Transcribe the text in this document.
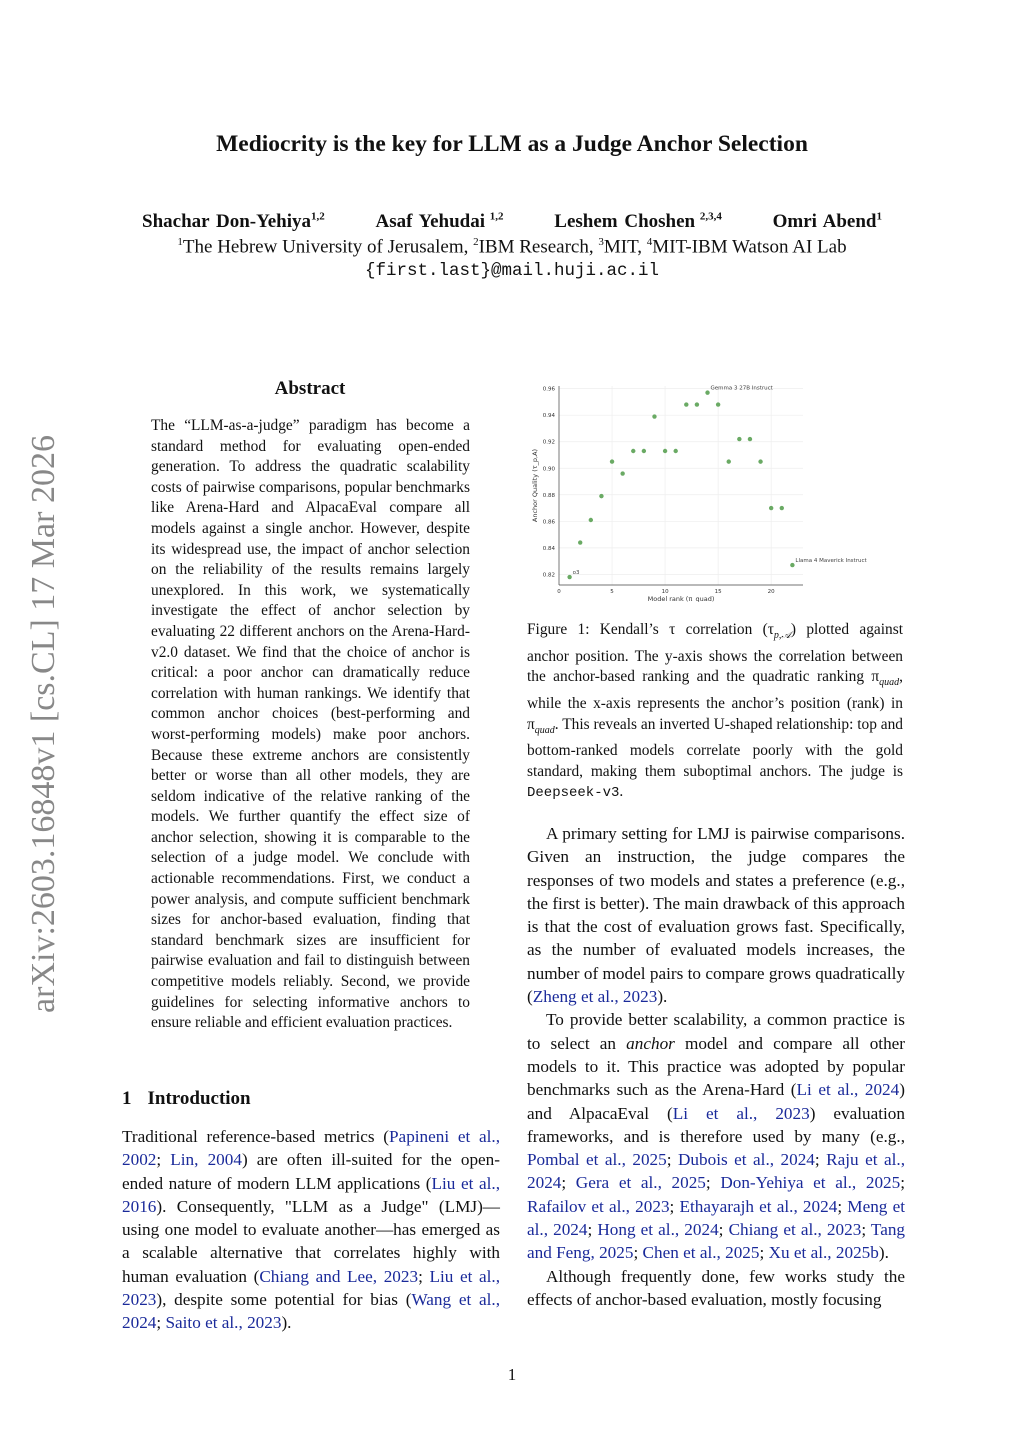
arXiv:2603.16848v1 [cs.CL] 17 Mar 2026
Mediocrity is the key for LLM as a Judge Anchor Selection
Shachar Don-Yehiya$^{1,2}$	Asaf Yehudai $^{1,2}$	Leshem Choshen $^{2,3,4}$	Omri Abend$^1$
$^1$The Hebrew University of Jerusalem, $^2$IBM Research, $^3$MIT, $^4$MIT-IBM Watson AI Lab
{first.last}@mail.huji.ac.il
Abstract
The “LLM-as-a-judge” paradigm has become a standard method for evaluating open-ended generation. To address the quadratic scalability costs of pairwise comparisons, popular benchmarks like Arena-Hard and AlpacaEval compare all models against a single anchor. However, despite its widespread use, the impact of anchor selection on the reliability of the results remains largely unexplored. In this work, we systematically investigate the effect of anchor selection by evaluating 22 different anchors on the Arena-Hard-v2.0 dataset. We find that the choice of anchor is critical: a poor anchor can dramatically reduce correlation with human rankings. We identify that common anchor choices (best-performing and worst-performing models) make poor anchors. Because these extreme anchors are consistently better or worse than all other models, they are seldom indicative of the relative ranking of the models. We further quantify the effect size of anchor selection, showing it is comparable to the selection of a judge model. We conclude with actionable recommendations. First, we conduct a power analysis, and compute sufficient benchmark sizes for anchor-based evaluation, finding that standard benchmark sizes are insufficient for pairwise evaluation and fail to distinguish between competitive models reliably. Second, we provide guidelines for selecting informative anchors to ensure reliable and efficient evaluation practices.
1 Introduction

Traditional reference-based metrics (Papineni et al., 2002; Lin, 2004) are often ill-suited for the open-ended nature of modern LLM applications (Liu et al., 2016). Consequently, "LLM as a Judge" (LMJ)—using one model to evaluate another—has emerged as a scalable alternative that correlates highly with human evaluation (Chiang and Lee, 2023; Liu et al., 2023), despite some potential for bias (Wang et al., 2024; Saito et al., 2023).

A primary setting for LMJ is pairwise comparisons. Given an instruction, the judge compares the responses of two models and states a preference (e.g., the first is better). The main drawback of this approach is that the cost of evaluation grows fast. Specifically, as the number of evaluated models increases, the number of model pairs to compare grows quadratically (Zheng et al., 2023).

To provide better scalability, a common practice is to select an anchor model and compare all other models to it. This practice was adopted by popular benchmarks such as the Arena-Hard (Li et al., 2024) and AlpacaEval (Li et al., 2023) evaluation frameworks, and is therefore used by many (e.g., Pombal et al., 2025; Dubois et al., 2024; Raju et al., 2024; Gera et al., 2025; Don-Yehiya et al., 2025; Rafailov et al., 2023; Ethayarajh et al., 2024; Meng et al., 2024; Hong et al., 2024; Chiang et al., 2023; Tang and Feng, 2025; Chen et al., 2025; Xu et al., 2025b).

Although frequently done, few works study the effects of anchor-based evaluation, mostly focusing

0.82
0.84
0.86
0.88
0.90
0.92
0.94
0.96
0	5	10	15	20
Model rank (π_quad)
Anchor Quality (τ_p,A)
o3
Gemma 3 27B Instruct
Llama 4 Maverick Instruct
Figure 1: Kendall’s τ correlation $(\tau_{p,𝒜})$ plotted against anchor position. The y-axis shows the correlation between the anchor-based ranking and the quadratic ranking $\pi_{quad}$, while the x-axis represents the anchor’s position (rank) in $\pi_{quad}$. This reveals an inverted U-shaped relationship: top and bottom-ranked models correlate poorly with the gold standard, making them suboptimal anchors. The judge is Deepseek-v3.
1
